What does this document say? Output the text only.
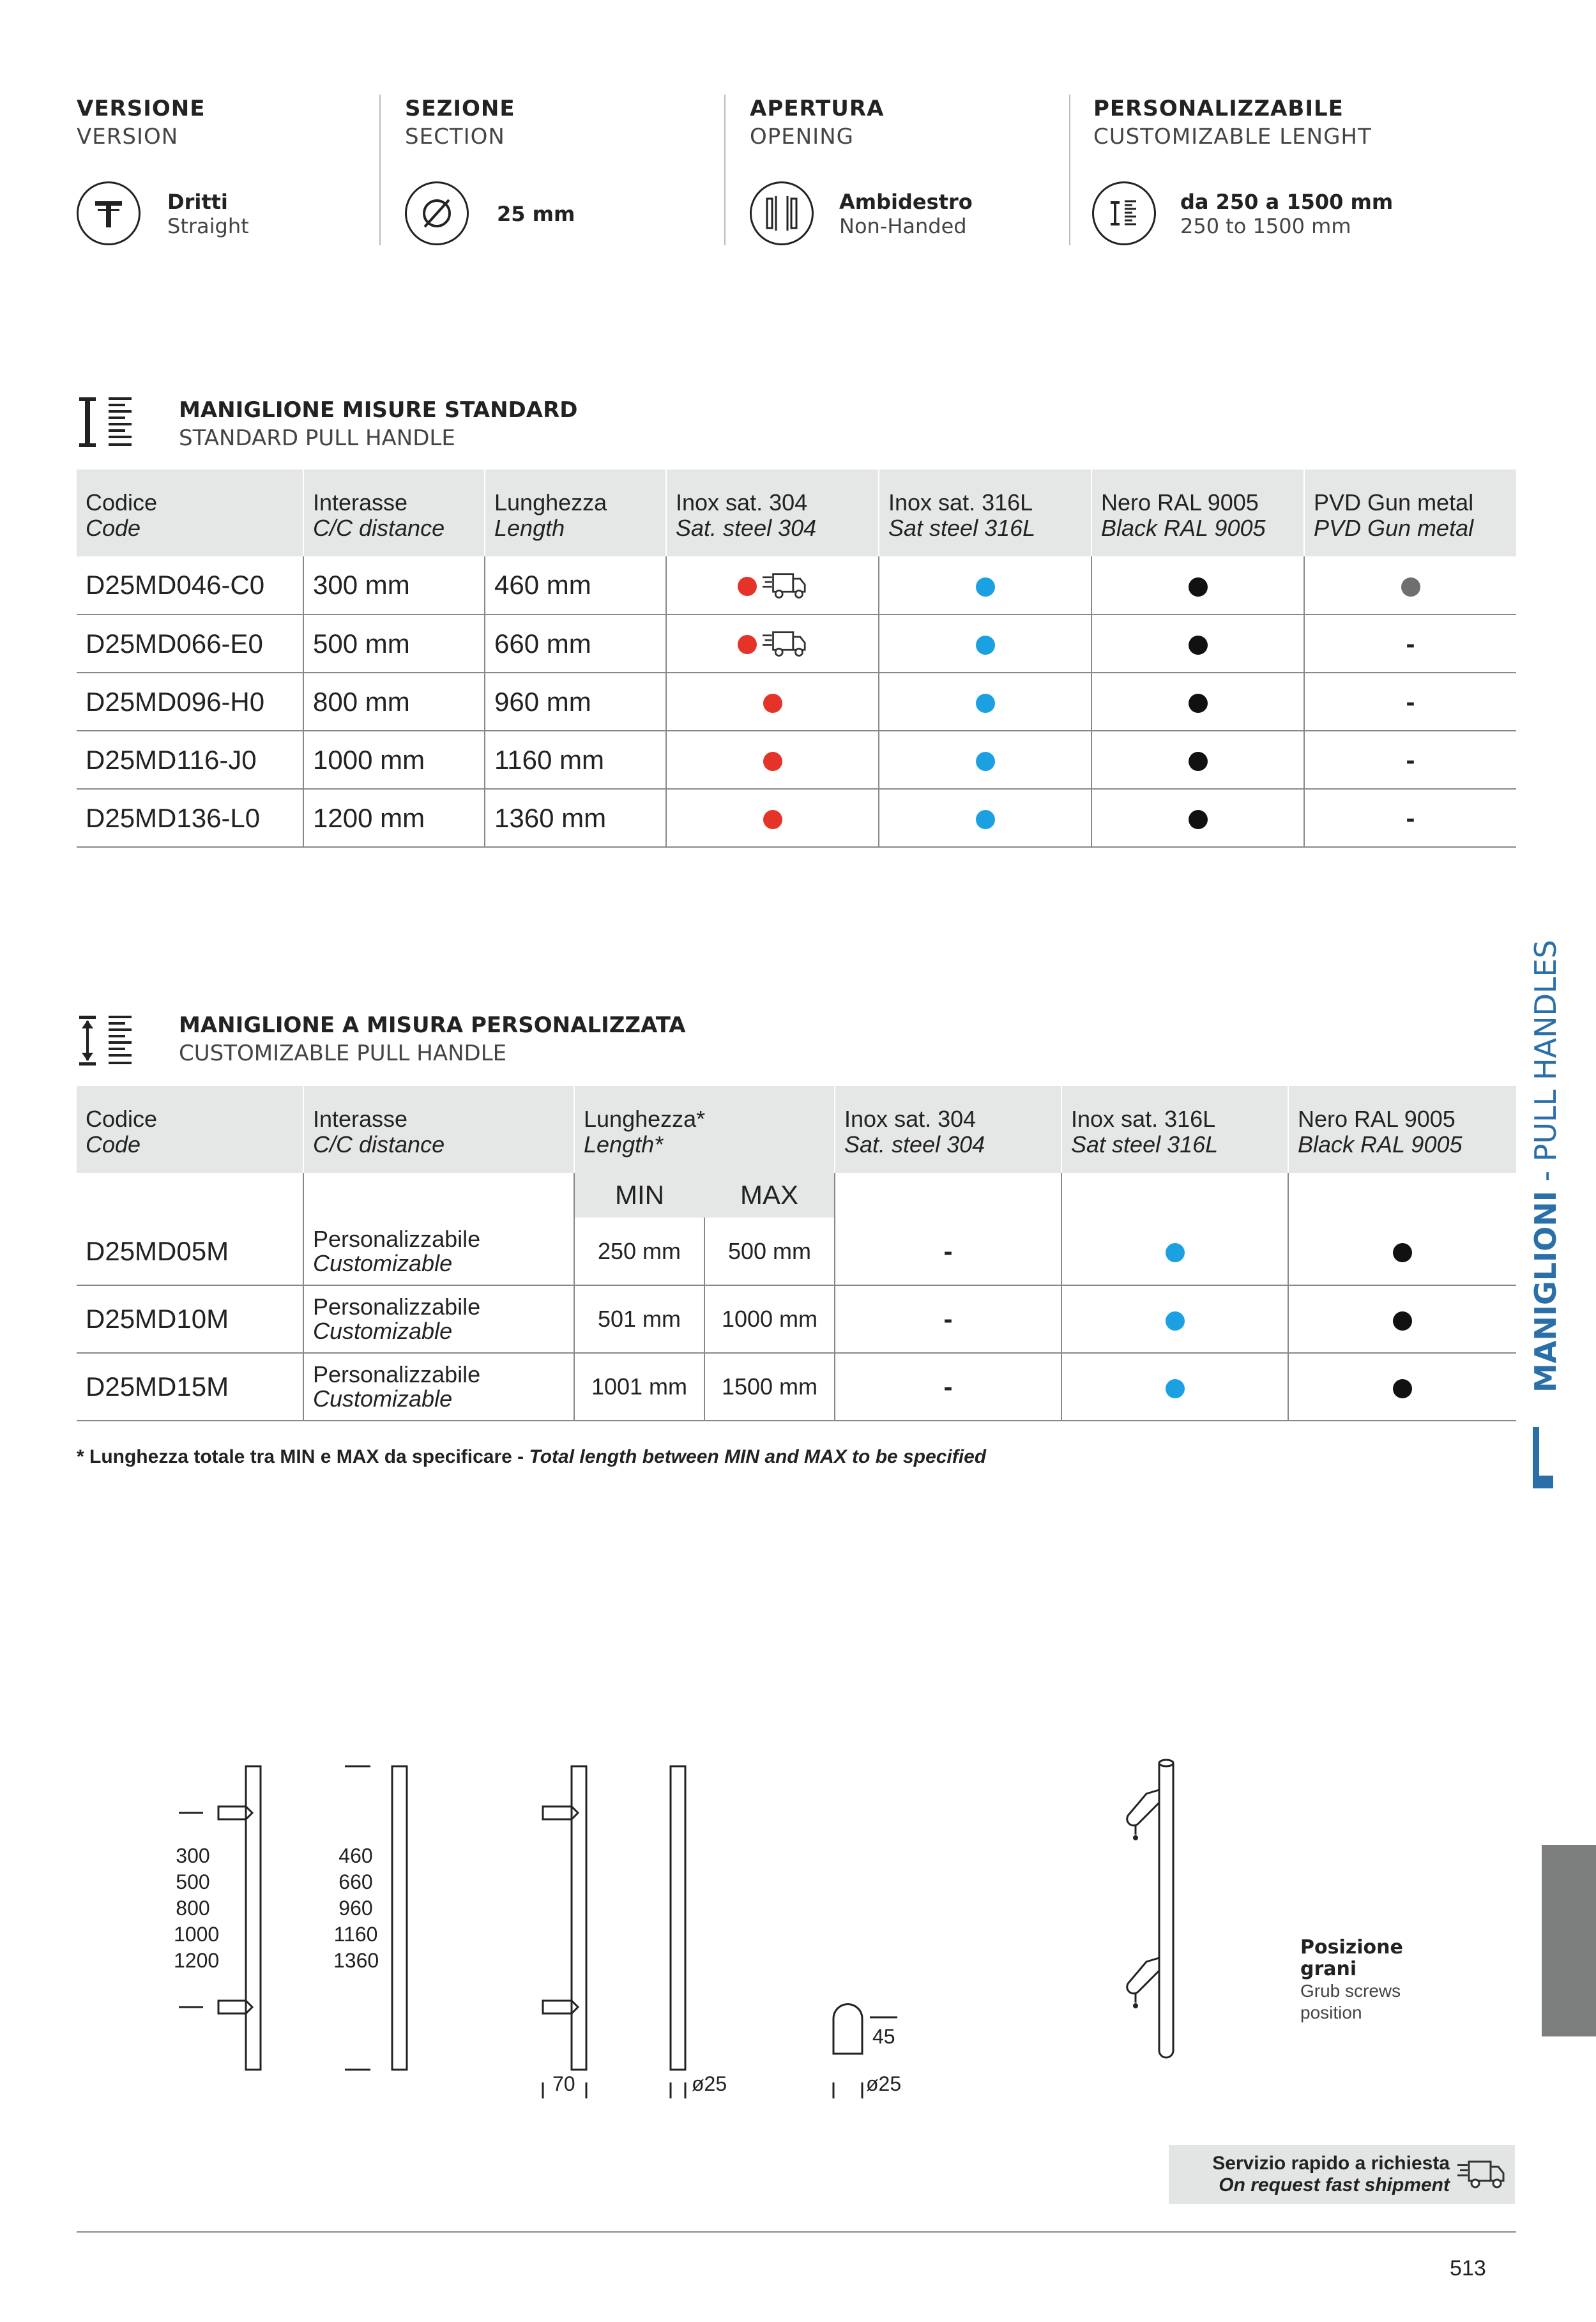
VERSIONE
VERSION
Dritti
Straight
SEZIONE
SECTION
25 mm
APERTURA
OPENING
Ambidestro
Non-Handed
PERSONALIZZABILE
CUSTOMIZABLE LENGHT
da 250 a 1500 mm
250 to 1500 mm
MANIGLIONE MISURE STANDARD
STANDARD PULL HANDLE
Codice
Code	Interasse
C/C distance	Lunghezza
Length	Inox sat. 304
Sat. steel 304	Inox sat. 316L
Sat steel 316L	Nero RAL 9005
Black RAL 9005	PVD Gun metal
PVD Gun metal

D25MD046-C0	300 mm	460 mm				
D25MD066-E0	500 mm	660 mm				-
D25MD096-H0	800 mm	960 mm				-
D25MD116-J0	1000 mm	1160 mm				-
D25MD136-L0	1200 mm	1360 mm				-
MANIGLIONE A MISURA PERSONALIZZATA
CUSTOMIZABLE PULL HANDLE
Codice
Code	Interasse
C/C distance	Lunghezza*
Length*		Inox sat. 304
Sat. steel 304	Inox sat. 316L
Sat steel 316L	Nero RAL 9005
Black RAL 9005

		MIN	MAX			
D25MD05M	Personalizzabile
Customizable	250 mm	500 mm	-		
D25MD10M	Personalizzabile
Customizable	501 mm	1000 mm	-		
D25MD15M	Personalizzabile
Customizable	1001 mm	1500 mm	-		
* Lunghezza totale tra MIN e MAX da specificare - Total length between MIN and MAX to be specified
MANIGLIONI - PULL HANDLES
300
500
800
1000
1200
460
660
960
1160
1360
70	ø25
45
ø25
Posizione
grani
Grub screws
position
Servizio rapido a richiesta
On request fast shipment
513
